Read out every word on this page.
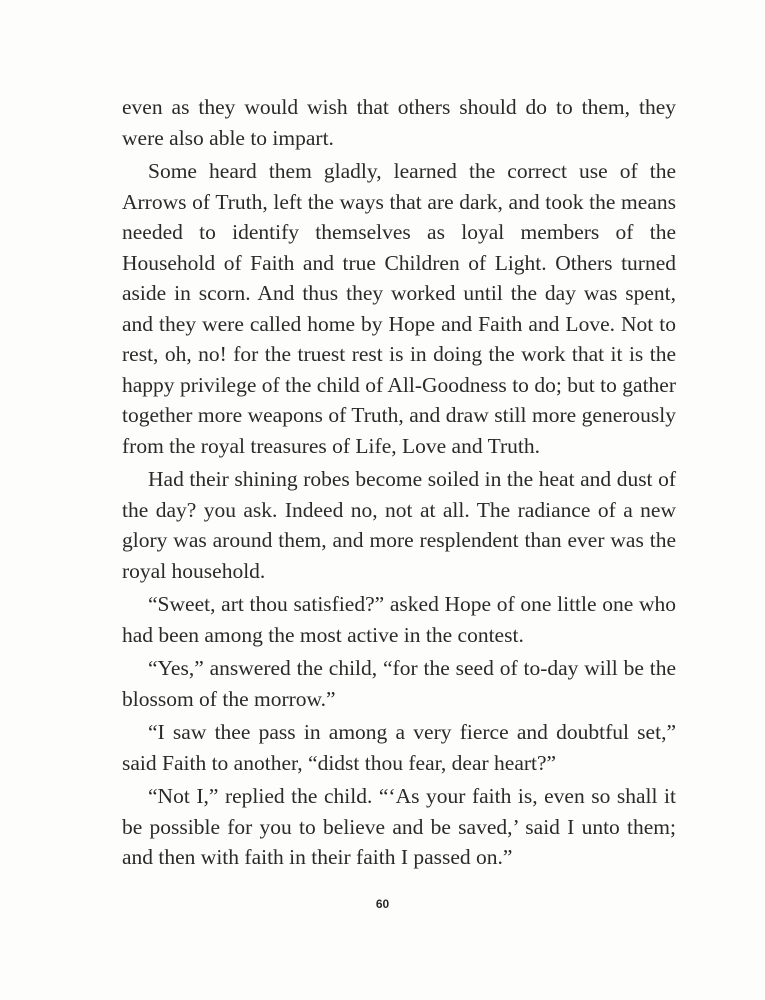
even as they would wish that others should do to them, they were also able to impart.

Some heard them gladly, learned the correct use of the Arrows of Truth, left the ways that are dark, and took the means needed to identify themselves as loyal members of the Household of Faith and true Children of Light. Others turned aside in scorn. And thus they worked until the day was spent, and they were called home by Hope and Faith and Love. Not to rest, oh, no! for the truest rest is in doing the work that it is the happy privilege of the child of All-Goodness to do; but to gather together more weapons of Truth, and draw still more generously from the royal treasures of Life, Love and Truth.

Had their shining robes become soiled in the heat and dust of the day? you ask. Indeed no, not at all. The radiance of a new glory was around them, and more resplendent than ever was the royal household.

“Sweet, art thou satisfied?” asked Hope of one little one who had been among the most active in the contest.

“Yes,” answered the child, “for the seed of to-day will be the blossom of the morrow.”

“I saw thee pass in among a very fierce and doubtful set,” said Faith to another, “didst thou fear, dear heart?”

“Not I,” replied the child. “‘As your faith is, even so shall it be possible for you to believe and be saved,’ said I unto them; and then with faith in their faith I passed on.”

60
